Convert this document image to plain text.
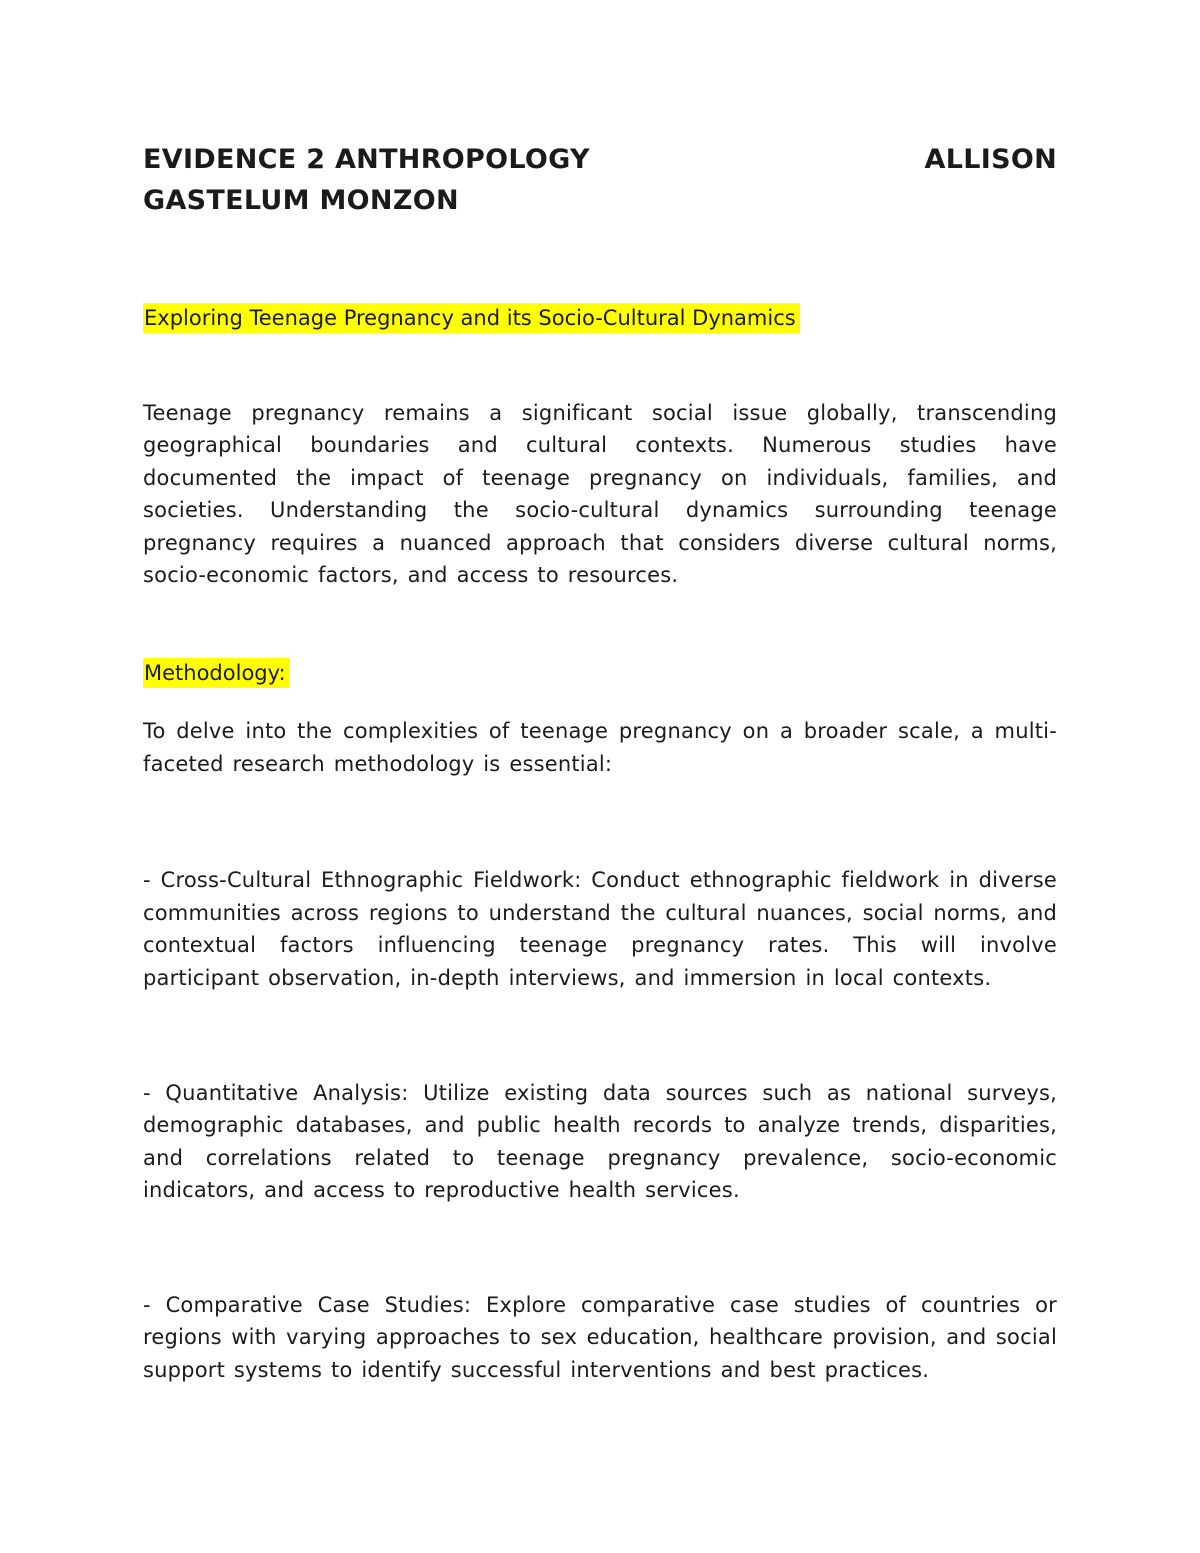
EVIDENCE 2 ANTHROPOLOGY	ALLISON
GASTELUM MONZON
Exploring Teenage Pregnancy and its Socio-Cultural Dynamics

Teenage pregnancy remains a significant social issue globally, transcending geographical boundaries and cultural contexts. Numerous studies have documented the impact of teenage pregnancy on individuals, families, and societies. Understanding the socio-cultural dynamics surrounding teenage pregnancy requires a nuanced approach that considers diverse cultural norms, socio-economic factors, and access to resources.

Methodology:

To delve into the complexities of teenage pregnancy on a broader scale, a multi-faceted research methodology is essential:

- Cross-Cultural Ethnographic Fieldwork: Conduct ethnographic fieldwork in diverse communities across regions to understand the cultural nuances, social norms, and contextual factors influencing teenage pregnancy rates. This will involve participant observation, in-depth interviews, and immersion in local contexts.

- Quantitative Analysis: Utilize existing data sources such as national surveys, demographic databases, and public health records to analyze trends, disparities, and correlations related to teenage pregnancy prevalence, socio-economic indicators, and access to reproductive health services.

- Comparative Case Studies: Explore comparative case studies of countries or regions with varying approaches to sex education, healthcare provision, and social support systems to identify successful interventions and best practices.
